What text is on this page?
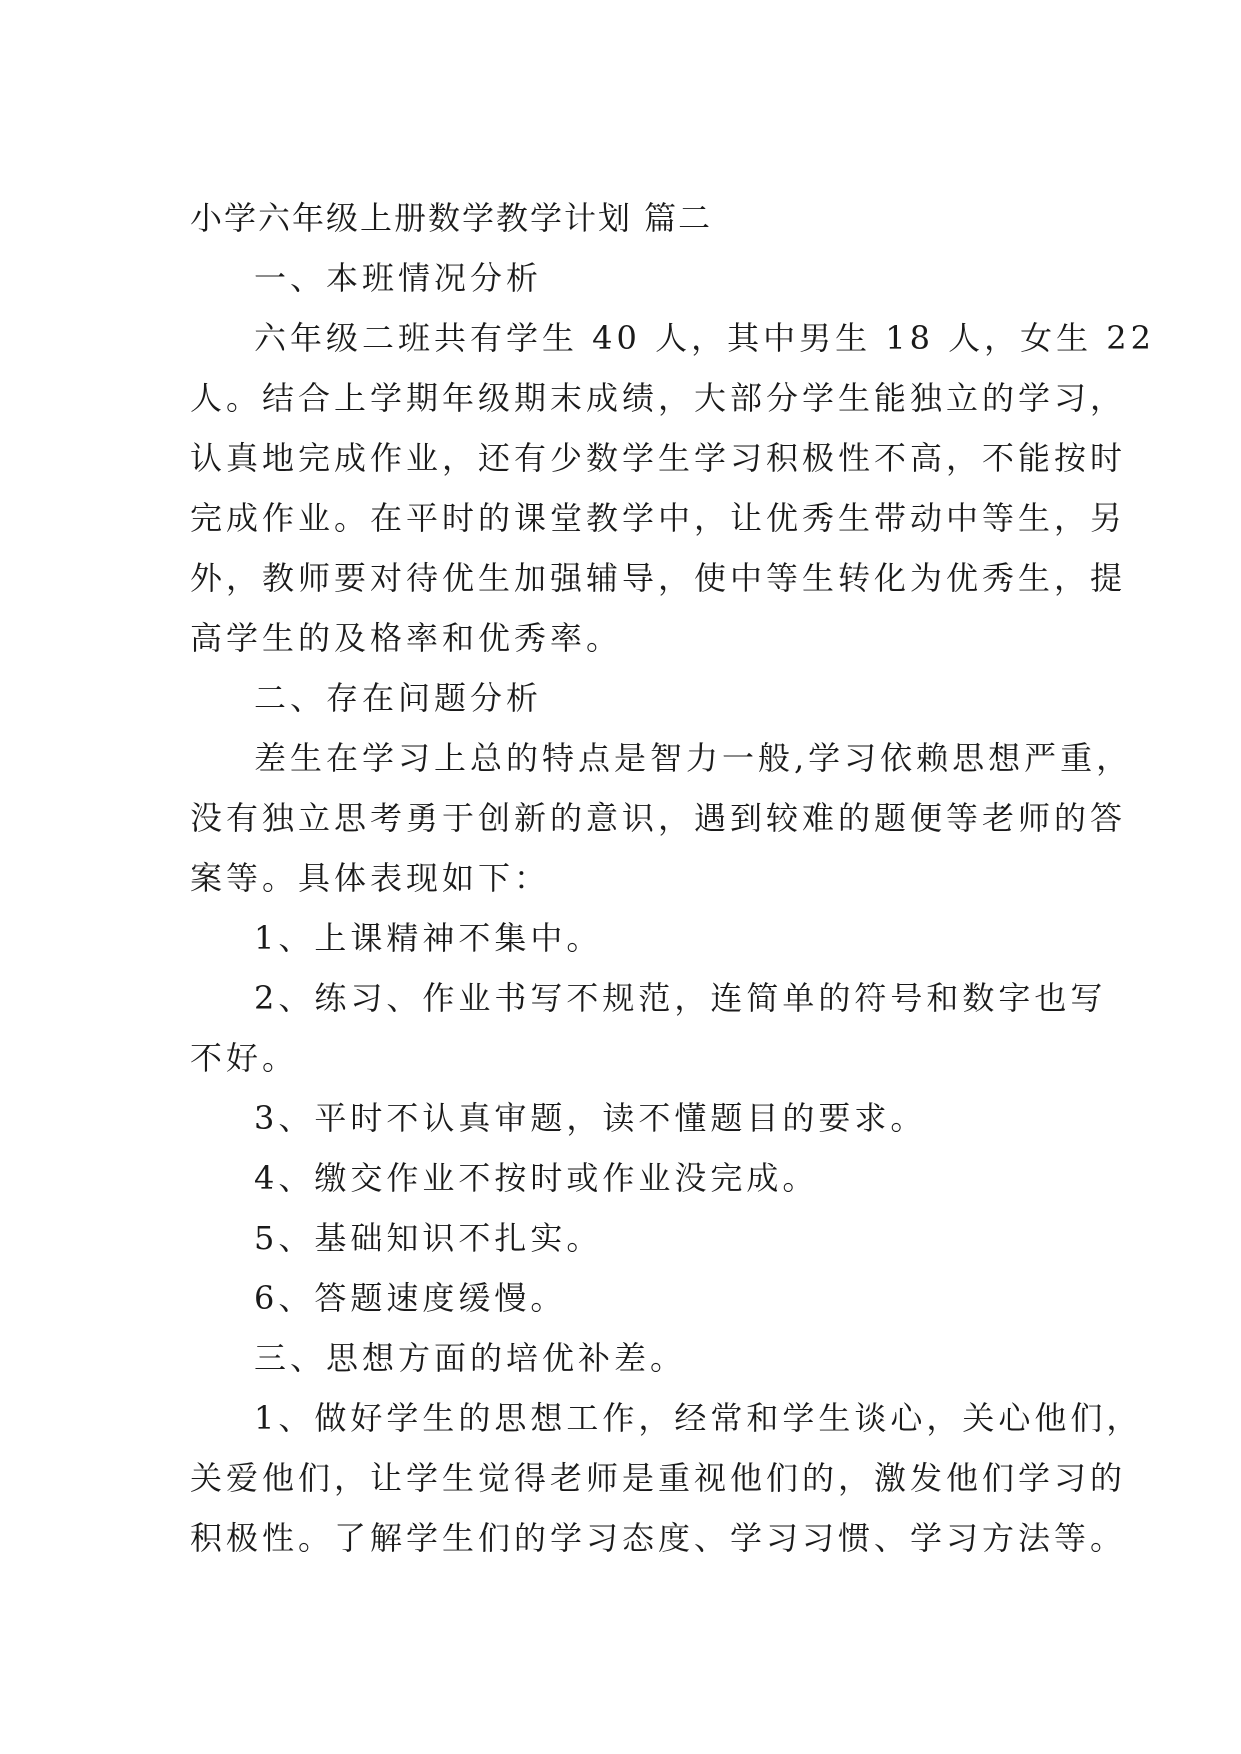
小学六年级上册数学教学计划 篇二
一、本班情况分析
六年级二班共有学生 40 人，其中男生 18 人，女生 22
人。结合上学期年级期末成绩，大部分学生能独立的学习，
认真地完成作业，还有少数学生学习积极性不高，不能按时
完成作业。在平时的课堂教学中，让优秀生带动中等生，另
外，教师要对待优生加强辅导，使中等生转化为优秀生，提
高学生的及格率和优秀率。
二、存在问题分析
差生在学习上总的特点是智力一般,学习依赖思想严重，
没有独立思考勇于创新的意识，遇到较难的题便等老师的答
案等。具体表现如下：
1、上课精神不集中。
2、练习、作业书写不规范，连简单的符号和数字也写
不好。
3、平时不认真审题，读不懂题目的要求。
4、缴交作业不按时或作业没完成。
5、基础知识不扎实。
6、答题速度缓慢。
三、思想方面的培优补差。
1、做好学生的思想工作，经常和学生谈心，关心他们，
关爱他们，让学生觉得老师是重视他们的，激发他们学习的
积极性。了解学生们的学习态度、学习习惯、学习方法等。
